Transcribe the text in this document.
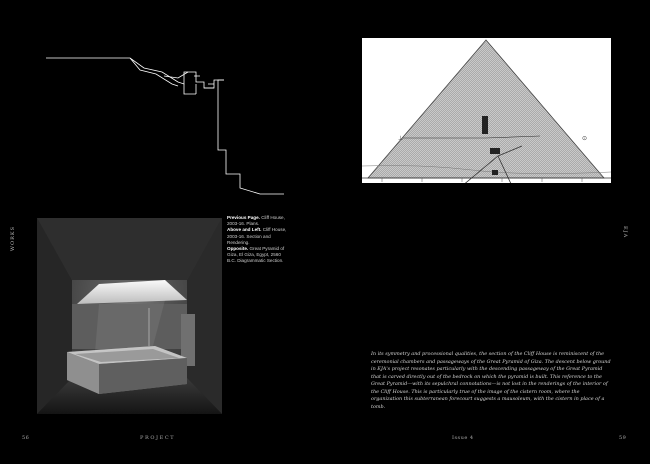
WORKS
Previous Page. Cliff House, 2003-16. Plans.
Above and Left. Cliff House, 2003-16. Section and Rendering.
Opposite. Great Pyramid of Giza, El Giza, Egypt, 2560 B.C. Diagrammatic Section.
56	PROJECT
⊥	⊙
EJA
In its symmetry and processional qualities, the section of the Cliff House is reminiscent of the ceremonial chambers and passageways of the Great Pyramid of Giza. The descent below ground in EJA's project resonates particularly with the descending passageway of the Great Pyramid that is carved directly out of the bedrock on which the pyramid is built. This reference to the Great Pyramid—with its sepulchral connotations—is not lost in the renderings of the interior of the Cliff House. This is particularly true of the image of the cistern room, where the organization this subterranean forecourt suggests a mausoleum, with the cistern in place of a tomb.
Issue 4	59
